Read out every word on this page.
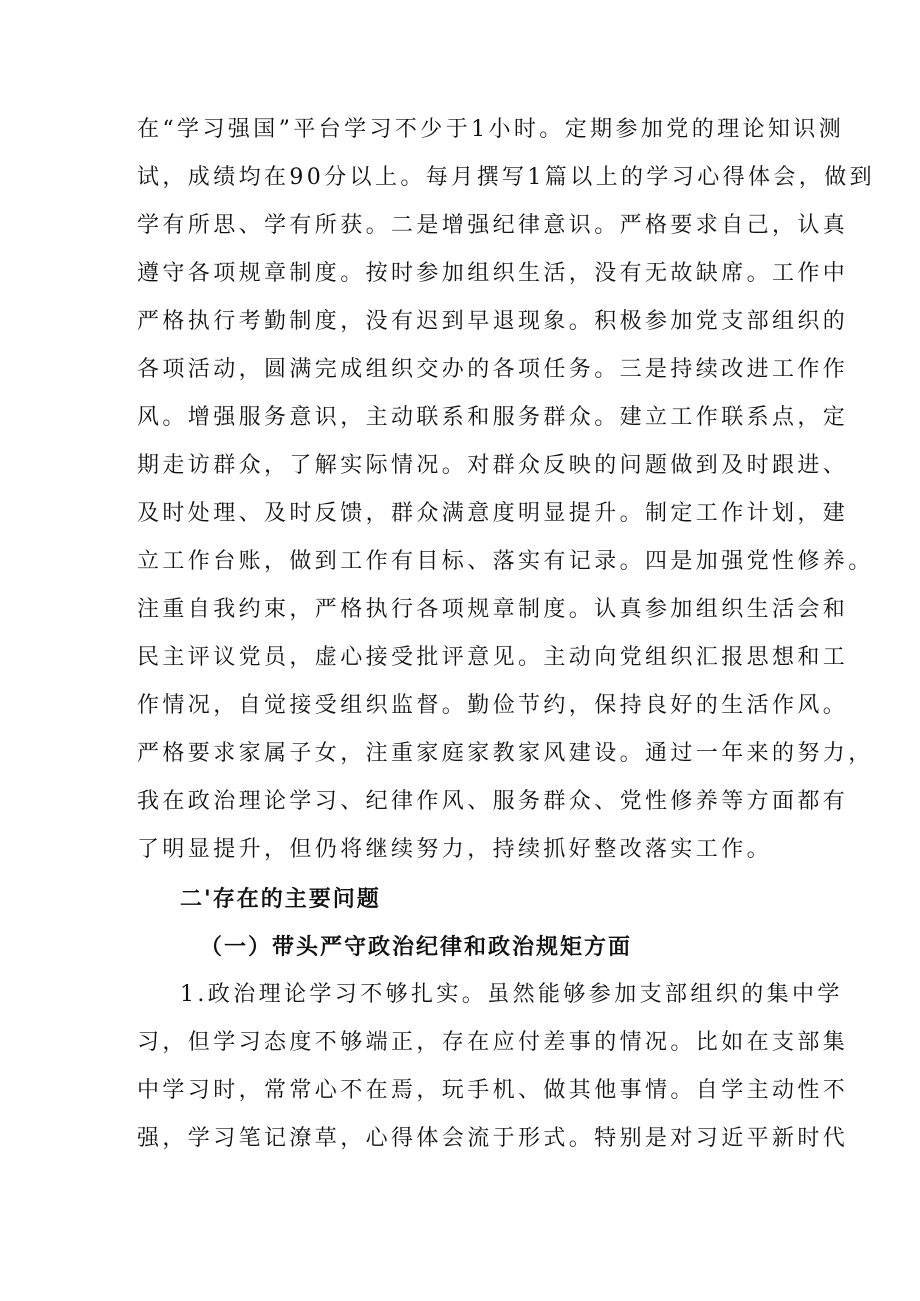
在“学习强国”平台学习不少于1小时。定期参加党的理论知识测
试，成绩均在90分以上。每月撰写1篇以上的学习心得体会，做到
学有所思、学有所获。二是增强纪律意识。严格要求自己，认真
遵守各项规章制度。按时参加组织生活，没有无故缺席。工作中
严格执行考勤制度，没有迟到早退现象。积极参加党支部组织的
各项活动，圆满完成组织交办的各项任务。三是持续改进工作作
风。增强服务意识，主动联系和服务群众。建立工作联系点，定
期走访群众，了解实际情况。对群众反映的问题做到及时跟进、
及时处理、及时反馈，群众满意度明显提升。制定工作计划，建
立工作台账，做到工作有目标、落实有记录。四是加强党性修养。
注重自我约束，严格执行各项规章制度。认真参加组织生活会和
民主评议党员，虚心接受批评意见。主动向党组织汇报思想和工
作情况，自觉接受组织监督。勤俭节约，保持良好的生活作风。
严格要求家属子女，注重家庭家教家风建设。通过一年来的努力，
我在政治理论学习、纪律作风、服务群众、党性修养等方面都有
了明显提升，但仍将继续努力，持续抓好整改落实工作。
二'存在的主要问题
（一）带头严守政治纪律和政治规矩方面
1.政治理论学习不够扎实。虽然能够参加支部组织的集中学
习，但学习态度不够端正，存在应付差事的情况。比如在支部集
中学习时，常常心不在焉，玩手机、做其他事情。自学主动性不
强，学习笔记潦草，心得体会流于形式。特别是对习近平新时代
